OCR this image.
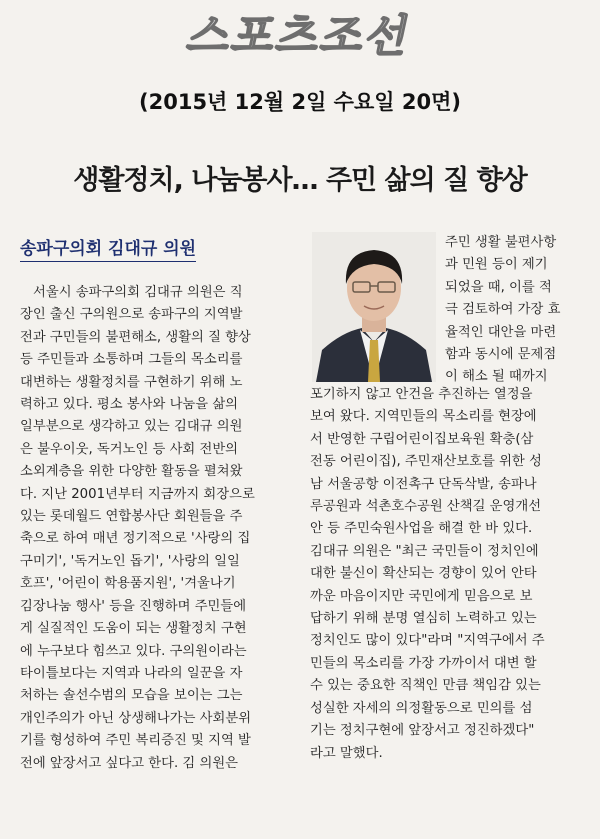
스포츠조선
(2015년 12월 2일 수요일 20면)
생활정치, 나눔봉사… 주민 삶의 질 향상
송파구의회 김대규 의원
서울시 송파구의회 김대규 의원은 직
장인 출신 구의원으로 송파구의 지역발
전과 구민들의 불편해소, 생활의 질 향상
등 주민들과 소통하며 그들의 목소리를
대변하는 생활정치를 구현하기 위해 노
력하고 있다. 평소 봉사와 나눔을 삶의
일부분으로 생각하고 있는 김대규 의원
은 불우이웃, 독거노인 등 사회 전반의
소외계층을 위한 다양한 활동을 펼쳐왔
다. 지난 2001년부터 지금까지 회장으로
있는 롯데월드 연합봉사단 회원들을 주
축으로 하여 매년 정기적으로 '사랑의 집
구미기', '독거노인 돕기', '사랑의 일일
호프', '어린이 학용품지원', '겨울나기
김장나눔 행사' 등을 진행하며 주민들에
게 실질적인 도움이 되는 생활정치 구현
에 누구보다 힘쓰고 있다. 구의원이라는
타이틀보다는 지역과 나라의 일꾼을 자
처하는 솔선수범의 모습을 보이는 그는
개인주의가 아닌 상생해나가는 사회분위
기를 형성하여 주민 복리증진 및 지역 발
전에 앞장서고 싶다고 한다. 김 의원은
주민 생활 불편사항
과 민원 등이 제기
되었을 때, 이를 적
극 검토하여 가장 효
율적인 대안을 마련
함과 동시에 문제점
이 해소 될 때까지
포기하지 않고 안건을 추진하는 열정을
보여 왔다. 지역민들의 목소리를 현장에
서 반영한 구립어린이집보육원 확충(삼
전동 어린이집), 주민재산보호를 위한 성
남 서울공항 이전촉구 단독삭발, 송파나
루공원과 석촌호수공원 산책길 운영개선
안 등 주민숙원사업을 해결 한 바 있다.
김대규 의원은 "최근 국민들이 정치인에
대한 불신이 확산되는 경향이 있어 안타
까운 마음이지만 국민에게 믿음으로 보
답하기 위해 분명 열심히 노력하고 있는
정치인도 많이 있다"라며 "지역구에서 주
민들의 목소리를 가장 가까이서 대변 할
수 있는 중요한 직책인 만큼 책임감 있는
성실한 자세의 의정활동으로 민의를 섬
기는 정치구현에 앞장서고 정진하겠다"
라고 말했다.
